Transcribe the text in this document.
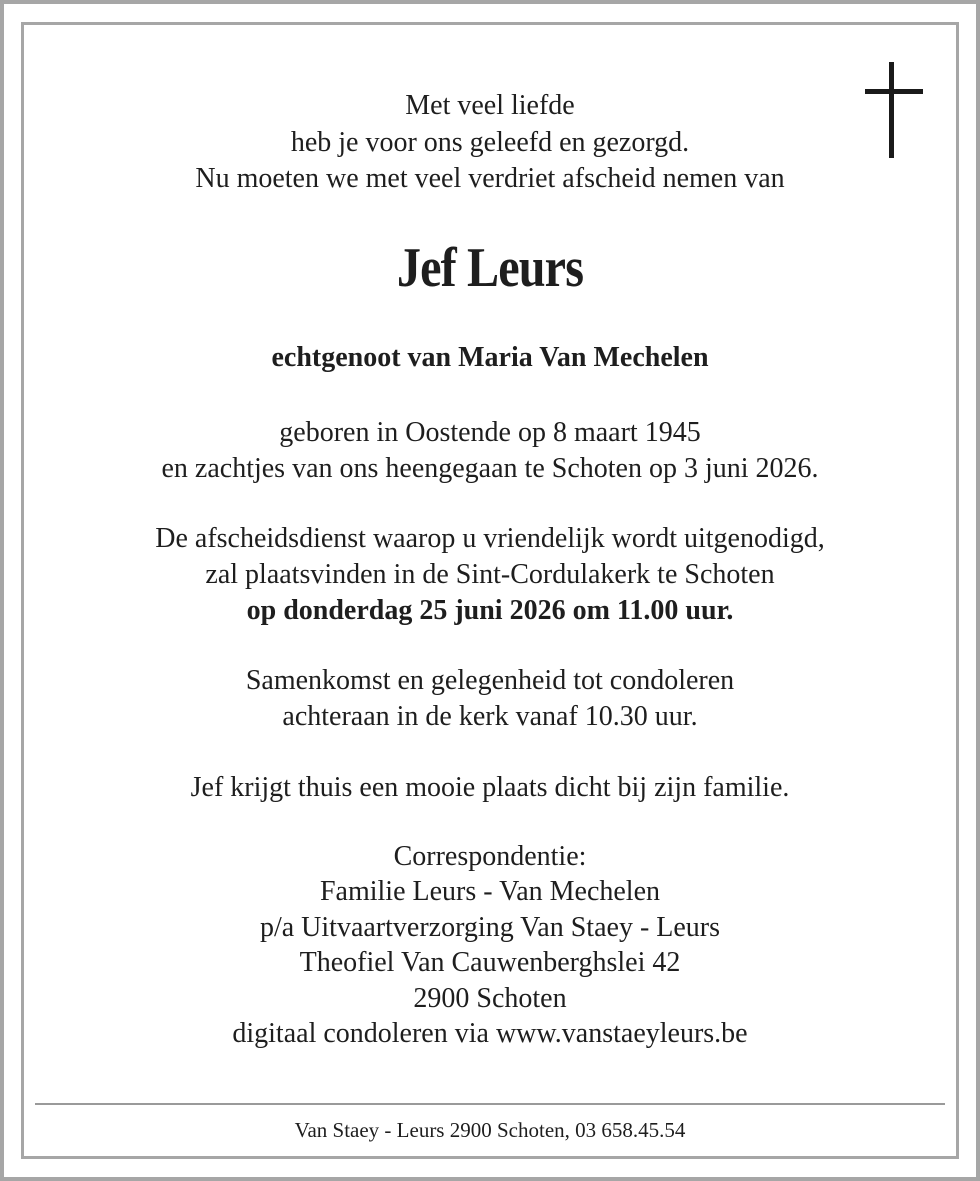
Met veel liefde
heb je voor ons geleefd en gezorgd.
Nu moeten we met veel verdriet afscheid nemen van
Jef Leurs
echtgenoot van Maria Van Mechelen
geboren in Oostende op 8 maart 1945
en zachtjes van ons heengegaan te Schoten op 3 juni 2026.
De afscheidsdienst waarop u vriendelijk wordt uitgenodigd,
zal plaatsvinden in de Sint-Cordulakerk te Schoten
op donderdag 25 juni 2026 om 11.00 uur.
Samenkomst en gelegenheid tot condoleren
achteraan in de kerk vanaf 10.30 uur.
Jef krijgt thuis een mooie plaats dicht bij zijn familie.
Correspondentie:
Familie Leurs - Van Mechelen
p/a Uitvaartverzorging Van Staey - Leurs
Theofiel Van Cauwenberghslei 42
2900 Schoten
digitaal condoleren via www.vanstaeyleurs.be
Van Staey - Leurs 2900 Schoten, 03 658.45.54
